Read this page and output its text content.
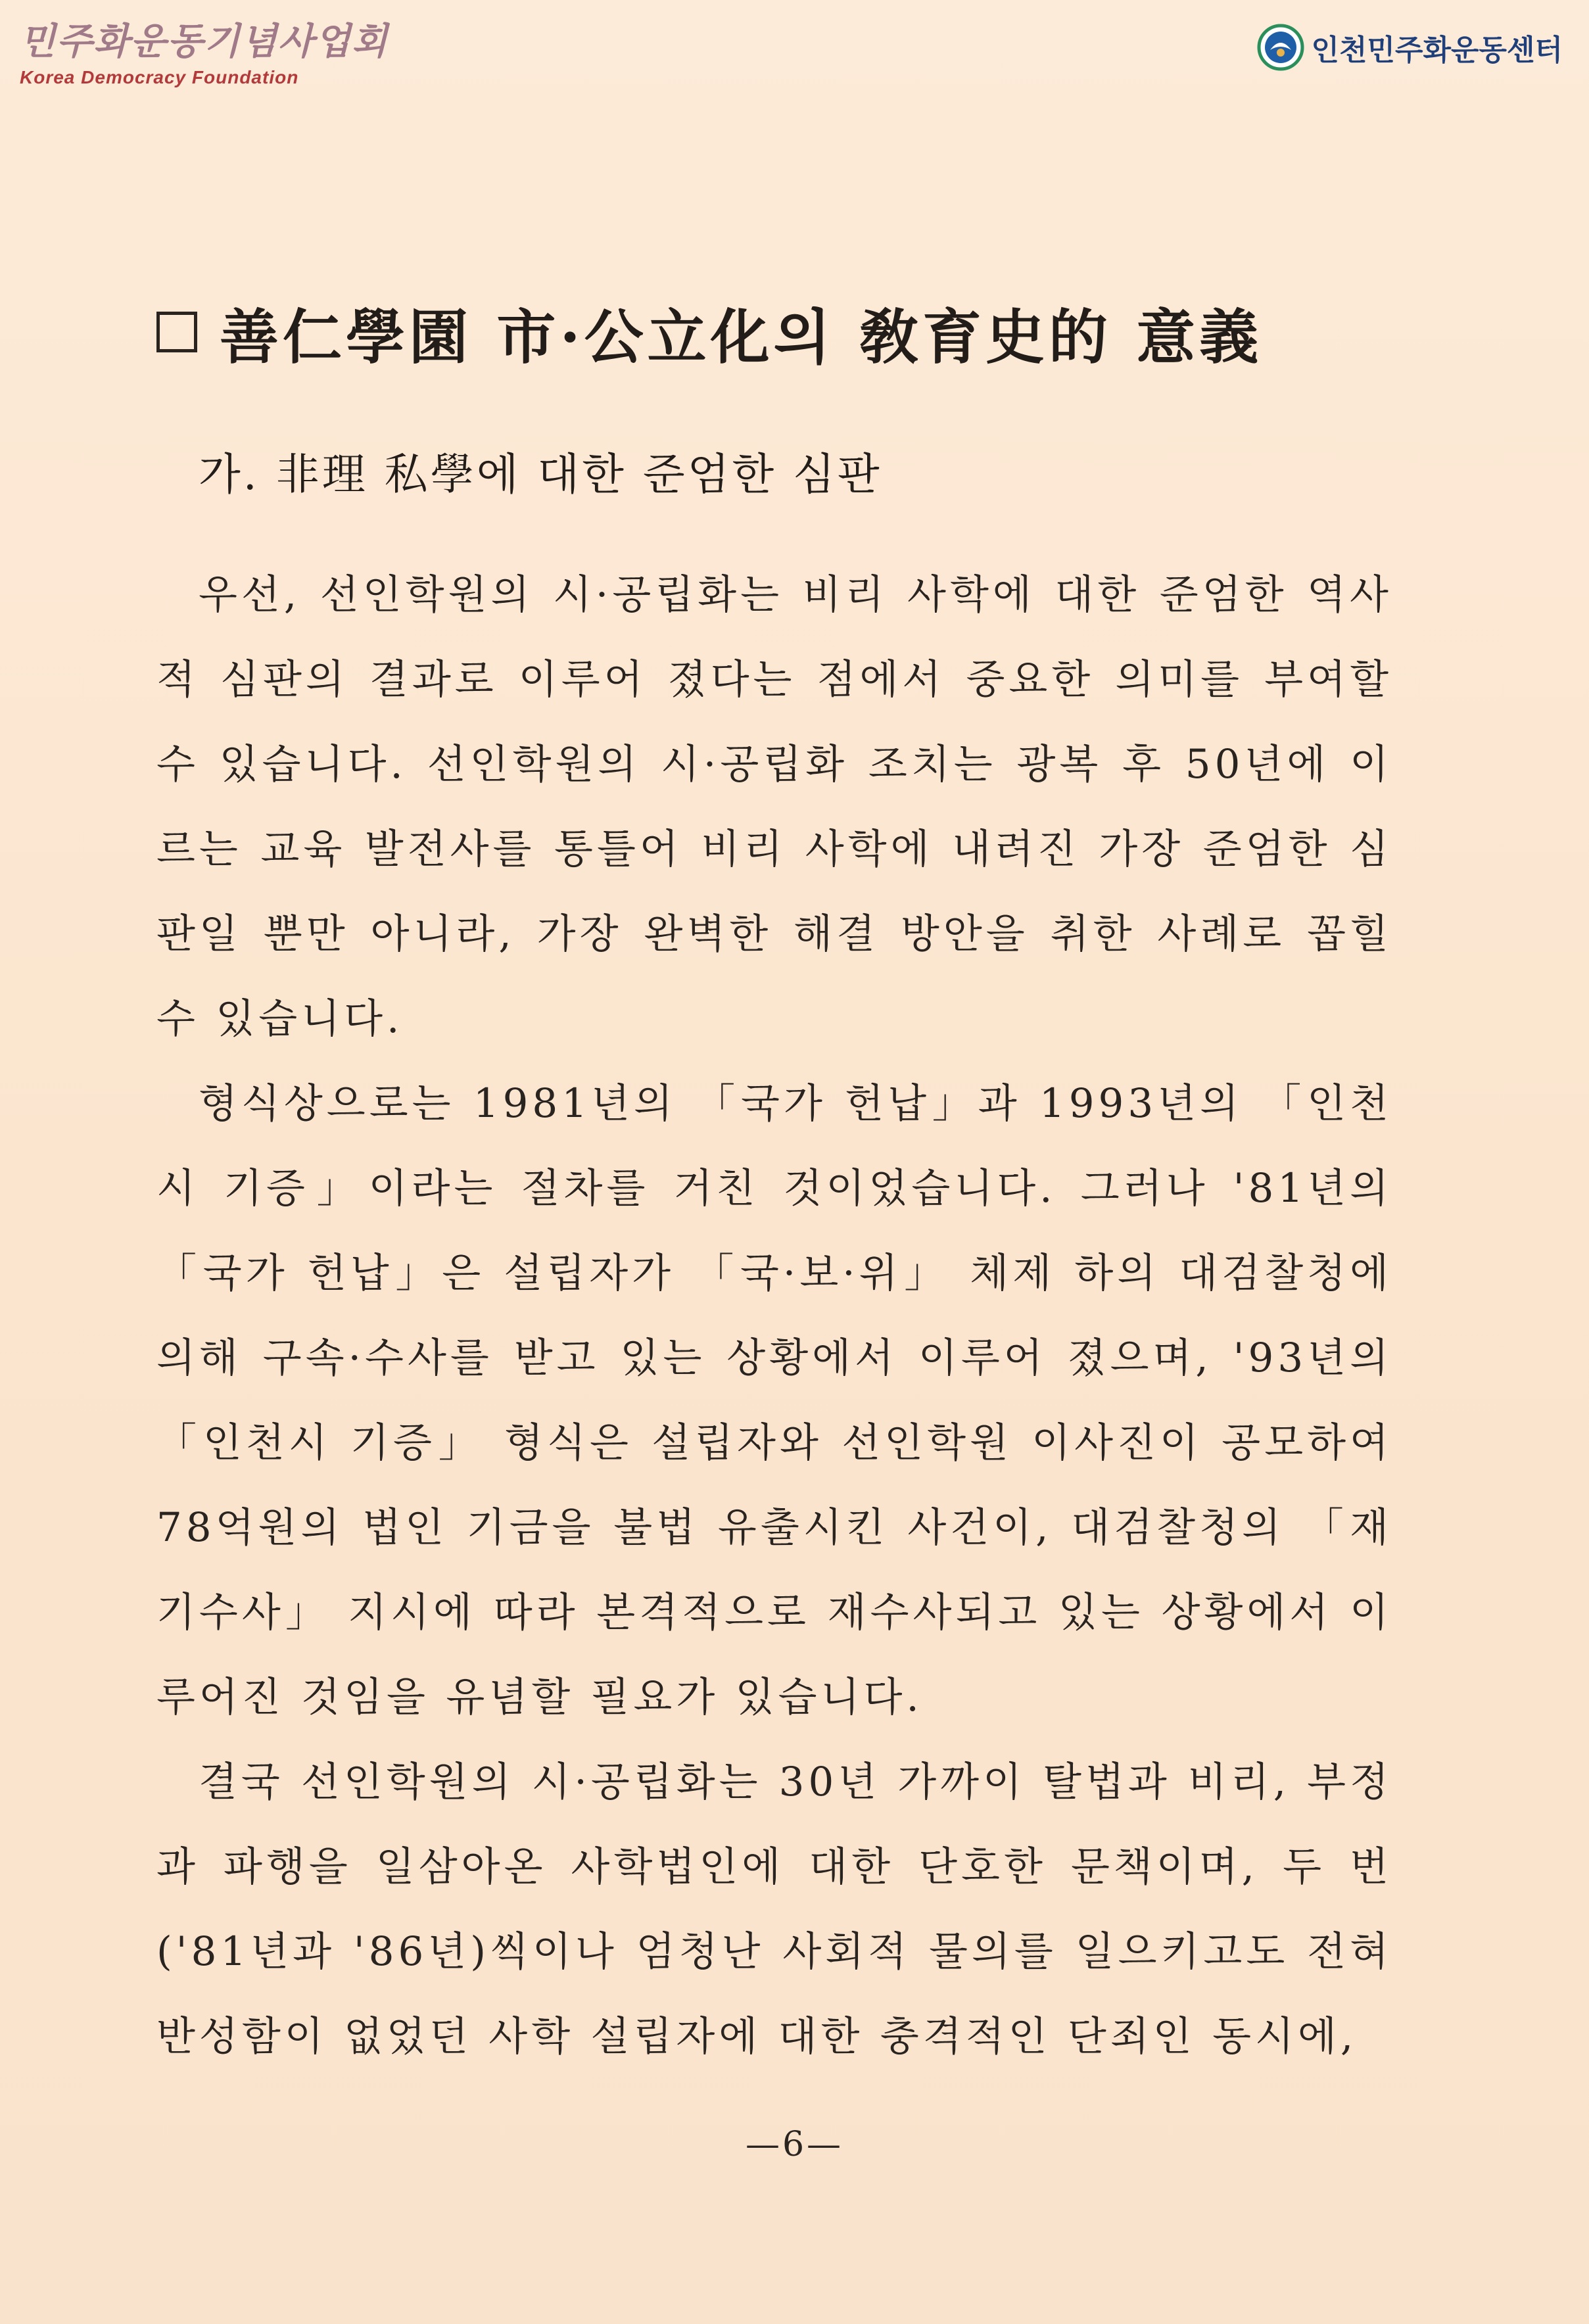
민주화운동기념사업회
Korea Democracy Foundation
인천민주화운동센터
善仁學園 市·公立化의 敎育史的 意義
가. 非理 私學에 대한 준엄한 심판

우선, 선인학원의 시·공립화는 비리 사학에 대한 준엄한 역사적 심판의 결과로 이루어 졌다는 점에서 중요한 의미를 부여할 수 있습니다. 선인학원의 시·공립화 조치는 광복 후 50년에 이르는 교육 발전사를 통틀어 비리 사학에 내려진 가장 준엄한 심판일 뿐만 아니라, 가장 완벽한 해결 방안을 취한 사례로 꼽힐 수 있습니다.

형식상으로는 1981년의 「국가 헌납」과 1993년의 「인천시 기증」이라는 절차를 거친 것이었습니다. 그러나 '81년의 「국가 헌납」은 설립자가 「국·보·위」 체제 하의 대검찰청에 의해 구속·수사를 받고 있는 상황에서 이루어 졌으며, '93년의 「인천시 기증」 형식은 설립자와 선인학원 이사진이 공모하여 78억원의 법인 기금을 불법 유출시킨 사건이, 대검찰청의 「재기수사」 지시에 따라 본격적으로 재수사되고 있는 상황에서 이루어진 것임을 유념할 필요가 있습니다.

결국 선인학원의 시·공립화는 30년 가까이 탈법과 비리, 부정과 파행을 일삼아온 사학법인에 대한 단호한 문책이며, 두 번('81년과 '86년)씩이나 엄청난 사회적 물의를 일으키고도 전혀 반성함이 없었던 사학 설립자에 대한 충격적인 단죄인 동시에,

—6—
